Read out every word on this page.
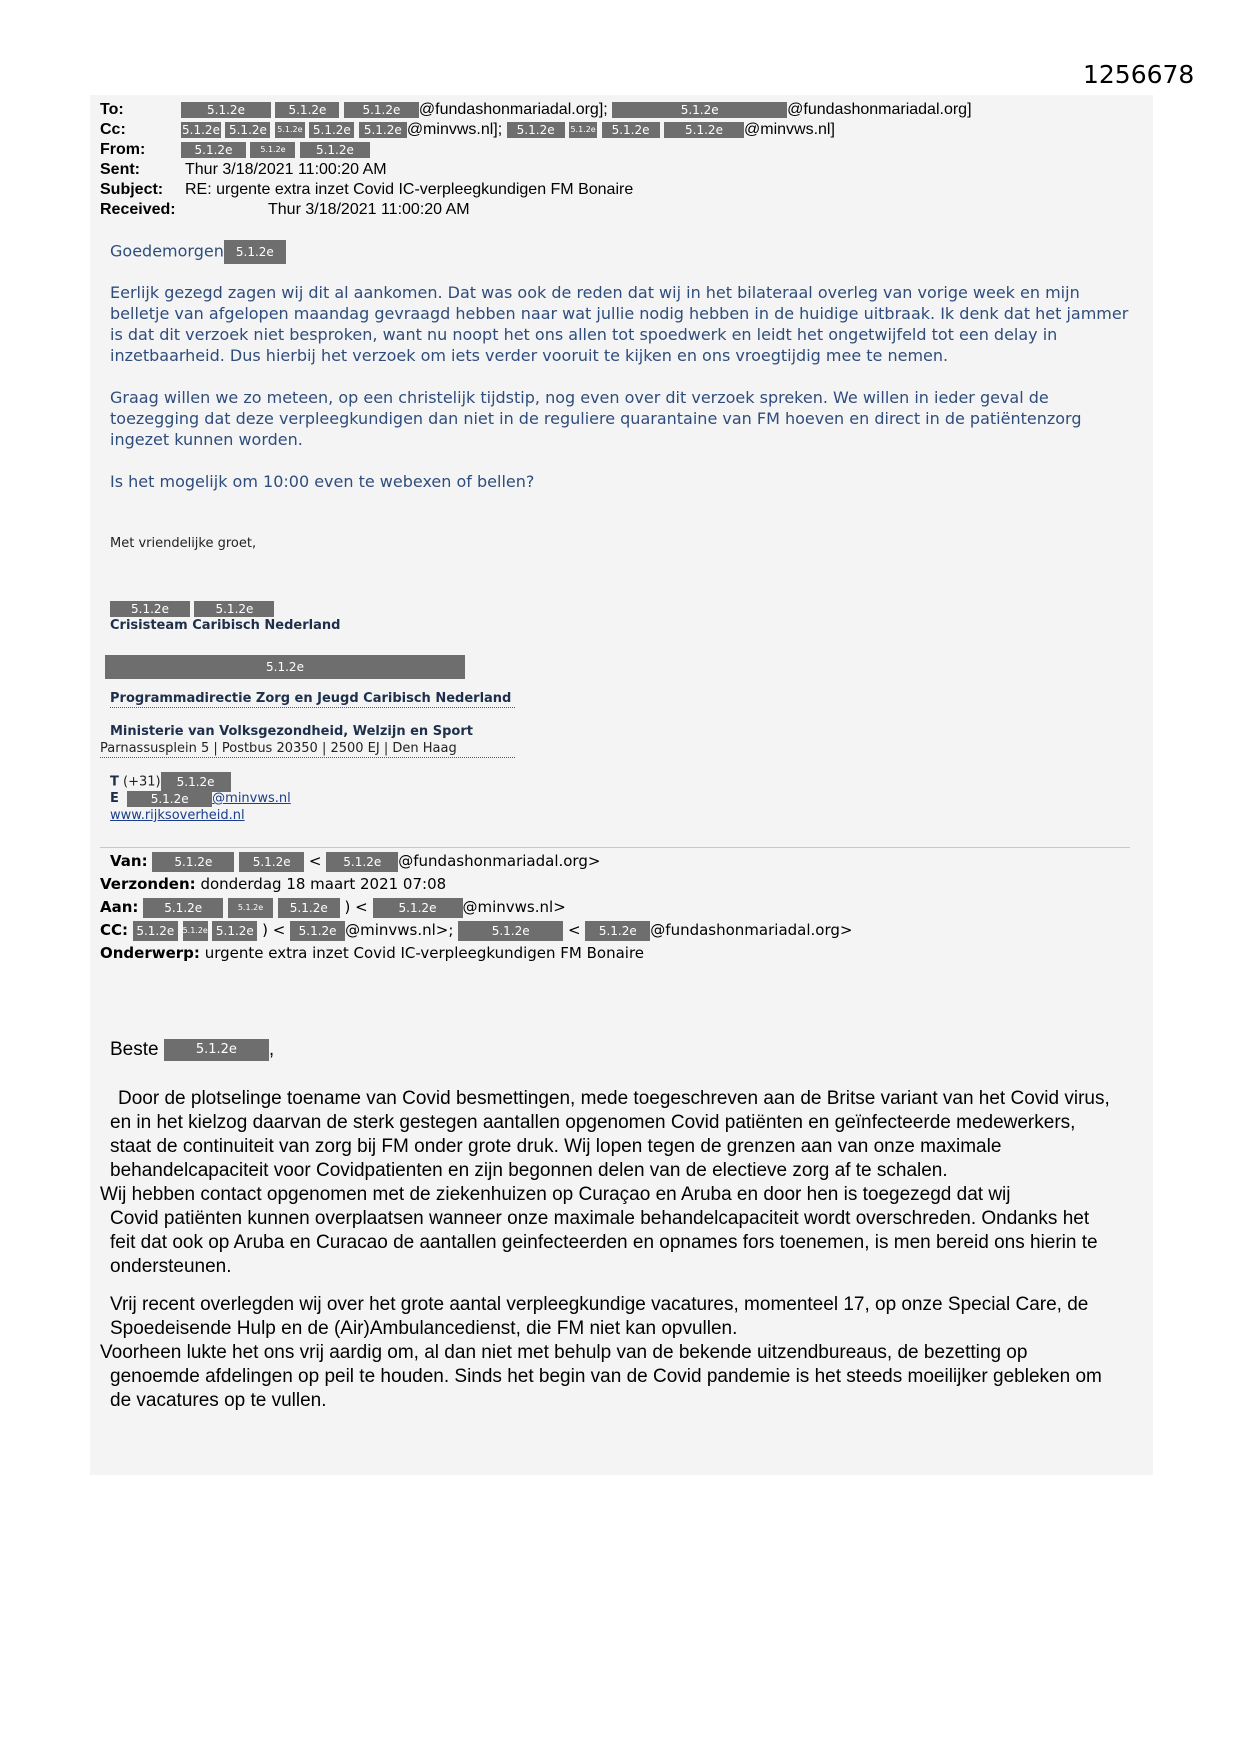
1256678
To:	5.1.2e	5.1.2e	5.1.2e @fundashonmariadal.org];	5.1.2e	@fundashonmariadal.org]
Cc:	5.1.2e 5.1.2e 5.1.2e 5.1.2e 5.1.2e @minvws.nl]; 5.1.2e 5.1.2e 5.1.2e	5.1.2e @minvws.nl]
From:	5.1.2e	5.1.2e	5.1.2e
Sent:	Thur 3/18/2021 11:00:20 AM
Subject: RE: urgente extra inzet Covid IC-verpleegkundigen FM Bonaire
Received:	Thur 3/18/2021 11:00:20 AM
Goedemorgen 5.1.2e

Eerlijk gezegd zagen wij dit al aankomen. Dat was ook de reden dat wij in het bilateraal overleg van vorige week en mijn belletje van afgelopen maandag gevraagd hebben naar wat jullie nodig hebben in de huidige uitbraak. Ik denk dat het jammer is dat dit verzoek niet besproken, want nu noopt het ons allen tot spoedwerk en leidt het ongetwijfeld tot een delay in inzetbaarheid. Dus hierbij het verzoek om iets verder vooruit te kijken en ons vroegtijdig mee te nemen.

Graag willen we zo meteen, op een christelijk tijdstip, nog even over dit verzoek spreken. We willen in ieder geval de toezegging dat deze verpleegkundigen dan niet in de reguliere quarantaine van FM hoeven en direct in de patiëntenzorg ingezet kunnen worden.

Is het mogelijk om 10:00 even te webexen of bellen?

Met vriendelijke groet,
5.1.2e	5.1.2e
Crisisteam Caribisch Nederland
5.1.2e
Programmadirectie Zorg en Jeugd Caribisch Nederland
Ministerie van Volksgezondheid, Welzijn en Sport
Parnassusplein 5 | Postbus 20350 | 2500 EJ | Den Haag
T (+31) 5.1.2e
E	5.1.2e @minvws.nl
www.rijksoverheid.nl
Van: 5.1.2e	5.1.2e < 5.1.2e @fundashonmariadal.org>
Verzonden: donderdag 18 maart 2021 07:08
Aan: 5.1.2e	5.1.2e 5.1.2e ) < 5.1.2e @minvws.nl>
CC: 5.1.2e 5.1.2e 5.1.2e ) < 5.1.2e @minvws.nl>;	5.1.2e < 5.1.2e @fundashonmariadal.org>
Onderwerp: urgente extra inzet Covid IC-verpleegkundigen FM Bonaire
Beste	5.1.2e ,

Door de plotselinge toename van Covid besmettingen, mede toegeschreven aan de Britse variant van het Covid virus, en in het kielzog daarvan de sterk gestegen aantallen opgenomen Covid patiënten en geïnfecteerde medewerkers, staat de continuiteit van zorg bij FM onder grote druk. Wij lopen tegen de grenzen aan van onze maximale behandelcapaciteit voor Covidpatienten en zijn begonnen delen van de electieve zorg af te schalen.

Wij hebben contact opgenomen met de ziekenhuizen op Curaçao en Aruba en door hen is toegezegd dat wij

Covid patiënten kunnen overplaatsen wanneer onze maximale behandelcapaciteit wordt overschreden. Ondanks het feit dat ook op Aruba en Curacao de aantallen geinfecteerden en opnames fors toenemen, is men bereid ons hierin te ondersteunen.

Vrij recent overlegden wij over het grote aantal verpleegkundige vacatures, momenteel 17, op onze Special Care, de Spoedeisende Hulp en de (Air)Ambulancedienst, die FM niet kan opvullen.

Voorheen lukte het ons vrij aardig om, al dan niet met behulp van de bekende uitzendbureaus, de bezetting op

genoemde afdelingen op peil te houden. Sinds het begin van de Covid pandemie is het steeds moeilijker gebleken om de vacatures op te vullen.
